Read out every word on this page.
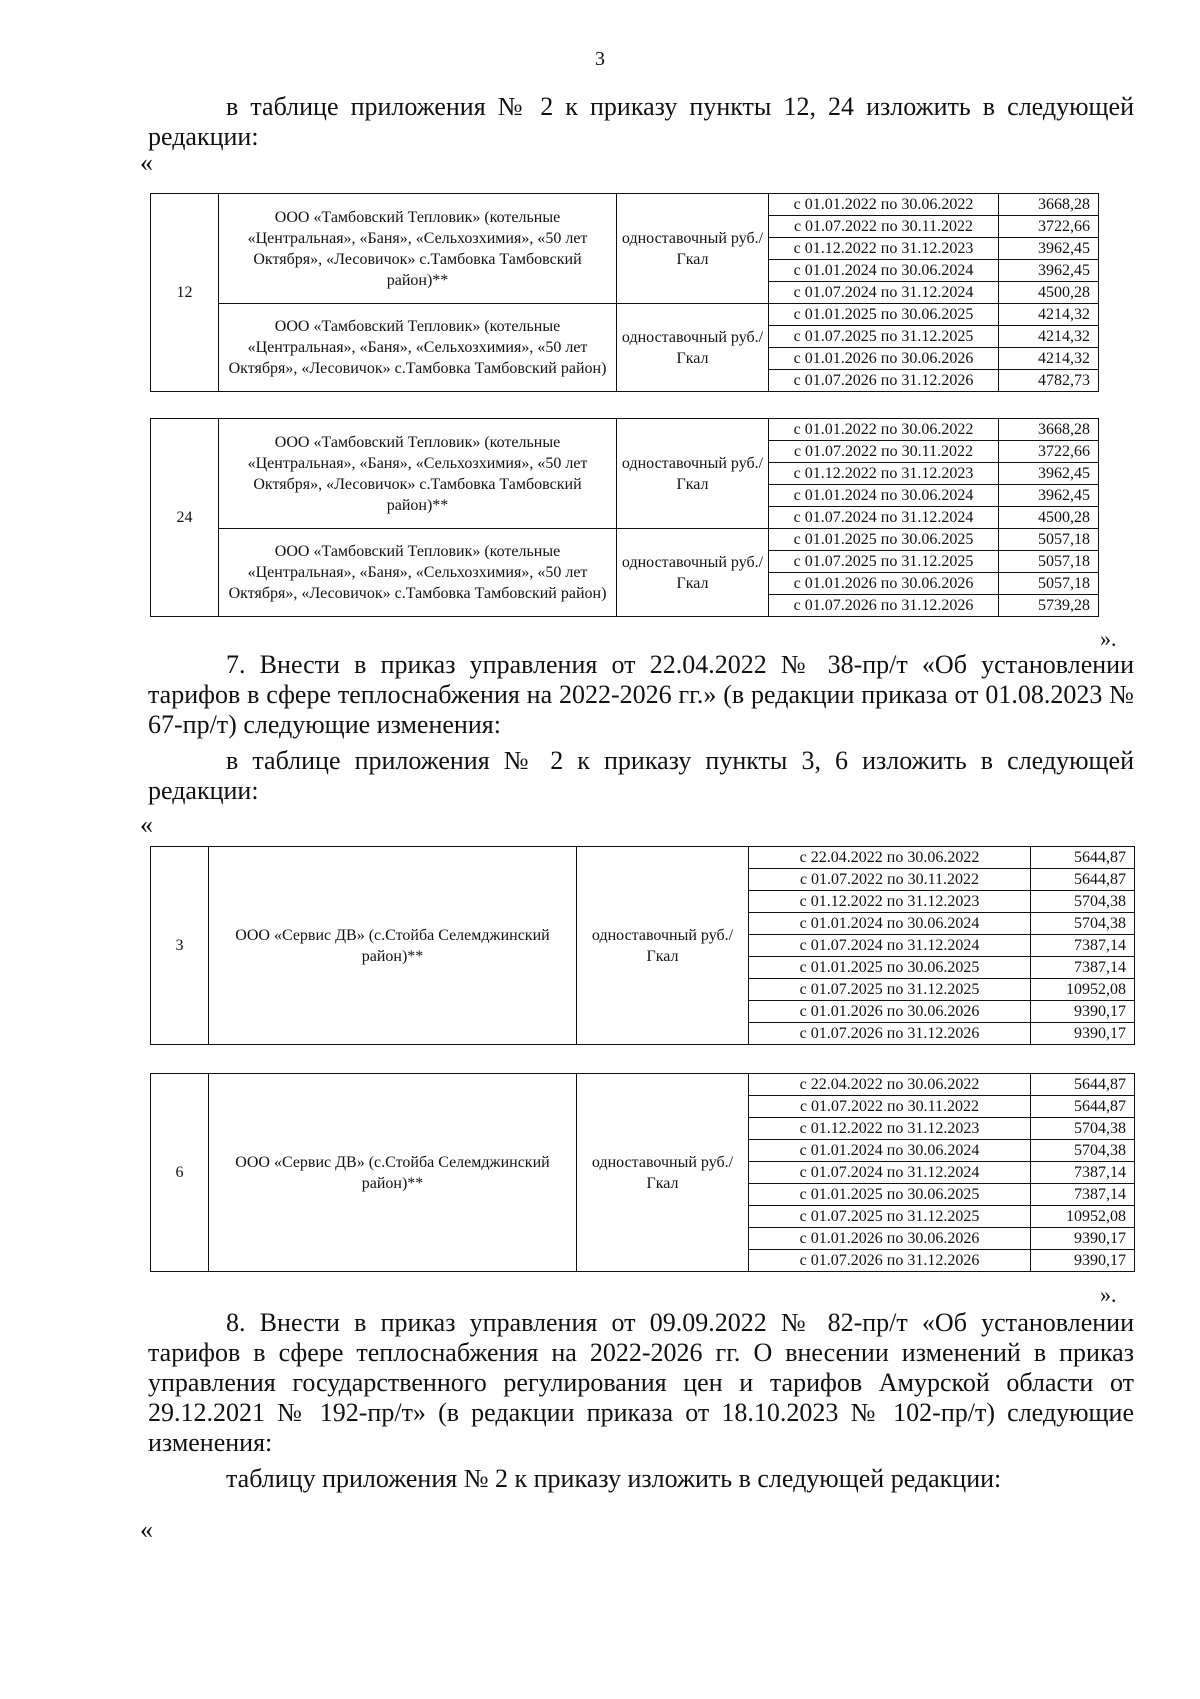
3
в таблице приложения № 2 к приказу пункты 12, 24 изложить в следующей редакции:
«
12	ООО «Тамбовский Тепловик» (котельные «Центральная», «Баня», «Сельхозхимия», «50 лет Октября», «Лесовичок» с.Тамбовка Тамбовский район)**	одноставочный руб./Гкал	с 01.01.2022 по 30.06.2022	3668,28
			с 01.07.2022 по 30.11.2022	3722,66
			с 01.12.2022 по 31.12.2023	3962,45
			с 01.01.2024 по 30.06.2024	3962,45
			с 01.07.2024 по 31.12.2024	4500,28
	ООО «Тамбовский Тепловик» (котельные «Центральная», «Баня», «Сельхозхимия», «50 лет Октября», «Лесовичок» с.Тамбовка Тамбовский район)	одноставочный руб./Гкал	с 01.01.2025 по 30.06.2025	4214,32
			с 01.07.2025 по 31.12.2025	4214,32
			с 01.01.2026 по 30.06.2026	4214,32
			с 01.07.2026 по 31.12.2026	4782,73
24	ООО «Тамбовский Тепловик» (котельные «Центральная», «Баня», «Сельхозхимия», «50 лет Октября», «Лесовичок» с.Тамбовка Тамбовский район)**	одноставочный руб./Гкал	с 01.01.2022 по 30.06.2022	3668,28
			с 01.07.2022 по 30.11.2022	3722,66
			с 01.12.2022 по 31.12.2023	3962,45
			с 01.01.2024 по 30.06.2024	3962,45
			с 01.07.2024 по 31.12.2024	4500,28
	ООО «Тамбовский Тепловик» (котельные «Центральная», «Баня», «Сельхозхимия», «50 лет Октября», «Лесовичок» с.Тамбовка Тамбовский район)	одноставочный руб./Гкал	с 01.01.2025 по 30.06.2025	5057,18
			с 01.07.2025 по 31.12.2025	5057,18
			с 01.01.2026 по 30.06.2026	5057,18
			с 01.07.2026 по 31.12.2026	5739,28
».
7. Внести в приказ управления от 22.04.2022 № 38-пр/т «Об установлении тарифов в сфере теплоснабжения на 2022-2026 гг.» (в редакции приказа от 01.08.2023 № 67-пр/т) следующие изменения:
в таблице приложения № 2 к приказу пункты 3, 6 изложить в следующей редакции:
«
3	ООО «Сервис ДВ» (с.Стойба Селемджинский район)**	одноставочный руб./Гкал	с 22.04.2022 по 30.06.2022	5644,87
			с 01.07.2022 по 30.11.2022	5644,87
			с 01.12.2022 по 31.12.2023	5704,38
			с 01.01.2024 по 30.06.2024	5704,38
			с 01.07.2024 по 31.12.2024	7387,14
			с 01.01.2025 по 30.06.2025	7387,14
			с 01.07.2025 по 31.12.2025	10952,08
			с 01.01.2026 по 30.06.2026	9390,17
			с 01.07.2026 по 31.12.2026	9390,17
6	ООО «Сервис ДВ» (с.Стойба Селемджинский район)**	одноставочный руб./Гкал	с 22.04.2022 по 30.06.2022	5644,87
			с 01.07.2022 по 30.11.2022	5644,87
			с 01.12.2022 по 31.12.2023	5704,38
			с 01.01.2024 по 30.06.2024	5704,38
			с 01.07.2024 по 31.12.2024	7387,14
			с 01.01.2025 по 30.06.2025	7387,14
			с 01.07.2025 по 31.12.2025	10952,08
			с 01.01.2026 по 30.06.2026	9390,17
			с 01.07.2026 по 31.12.2026	9390,17
».
8. Внести в приказ управления от 09.09.2022 № 82-пр/т «Об установлении тарифов в сфере теплоснабжения на 2022-2026 гг. О внесении изменений в приказ управления государственного регулирования цен и тарифов Амурской области от 29.12.2021 № 192-пр/т» (в редакции приказа от 18.10.2023 № 102-пр/т) следующие изменения:
таблицу приложения № 2 к приказу изложить в следующей редакции:
«
